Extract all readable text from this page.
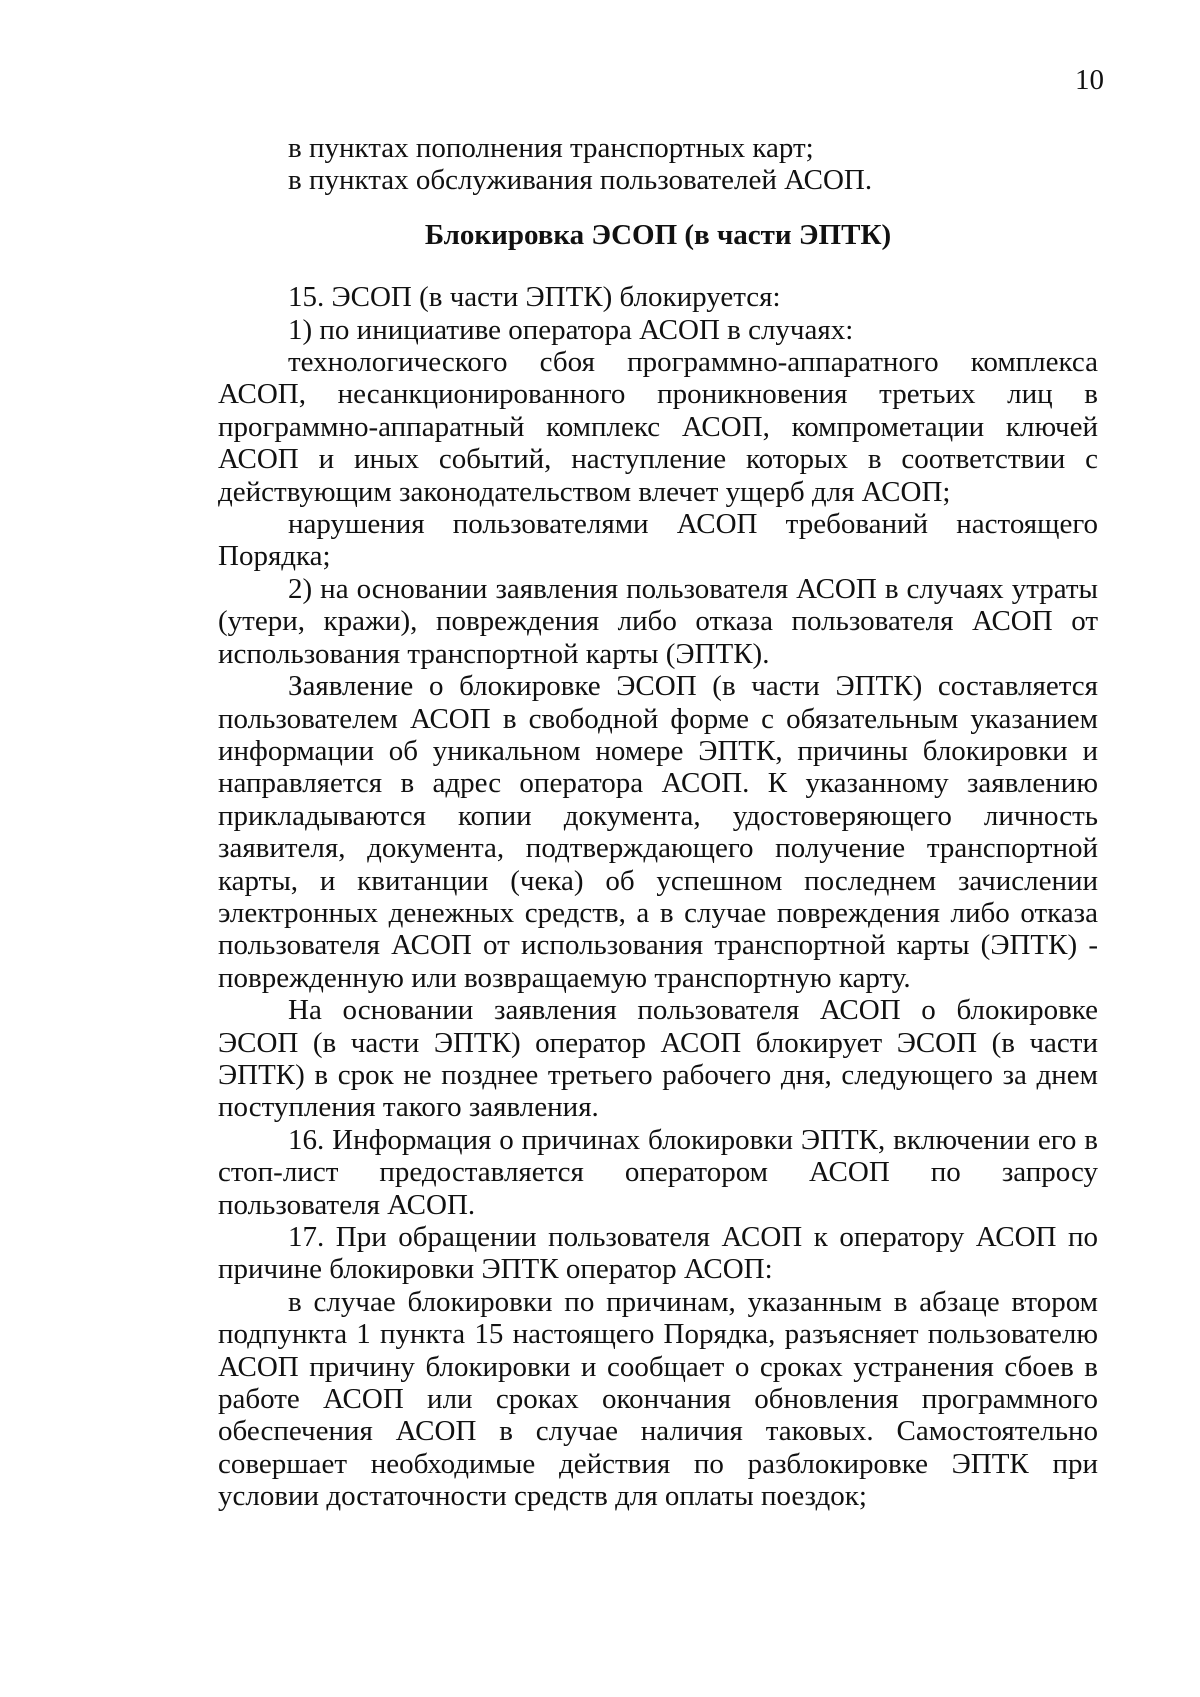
10

в пунктах пополнения транспортных карт;

в пунктах обслуживания пользователей АСОП.

Блокировка ЭСОП (в части ЭПТК)

15. ЭСОП (в части ЭПТК) блокируется:

1) по инициативе оператора АСОП в случаях:

технологического сбоя программно-аппаратного комплекса АСОП, несанкционированного проникновения третьих лиц в программно-аппаратный комплекс АСОП, компрометации ключей АСОП и иных событий, наступление которых в соответствии с действующим законодательством влечет ущерб для АСОП;

нарушения пользователями АСОП требований настоящего Порядка;

2) на основании заявления пользователя АСОП в случаях утраты (утери, кражи), повреждения либо отказа пользователя АСОП от использования транспортной карты (ЭПТК).

Заявление о блокировке ЭСОП (в части ЭПТК) составляется пользователем АСОП в свободной форме с обязательным указанием информации об уникальном номере ЭПТК, причины блокировки и направляется в адрес оператора АСОП. К указанному заявлению прикладываются копии документа, удостоверяющего личность заявителя, документа, подтверждающего получение транспортной карты, и квитанции (чека) об успешном последнем зачислении электронных денежных средств, а в случае повреждения либо отказа пользователя АСОП от использования транспортной карты (ЭПТК) - поврежденную или возвращаемую транспортную карту.

На основании заявления пользователя АСОП о блокировке ЭСОП (в части ЭПТК) оператор АСОП блокирует ЭСОП (в части ЭПТК) в срок не позднее третьего рабочего дня, следующего за днем поступления такого заявления.

16. Информация о причинах блокировки ЭПТК, включении его в стоп-лист предоставляется оператором АСОП по запросу пользователя АСОП.

17. При обращении пользователя АСОП к оператору АСОП по причине блокировки ЭПТК оператор АСОП:

в случае блокировки по причинам, указанным в абзаце втором подпункта 1 пункта 15 настоящего Порядка, разъясняет пользователю АСОП причину блокировки и сообщает о сроках устранения сбоев в работе АСОП или сроках окончания обновления программного обеспечения АСОП в случае наличия таковых. Самостоятельно совершает необходимые действия по разблокировке ЭПТК при условии достаточности средств для оплаты поездок;
